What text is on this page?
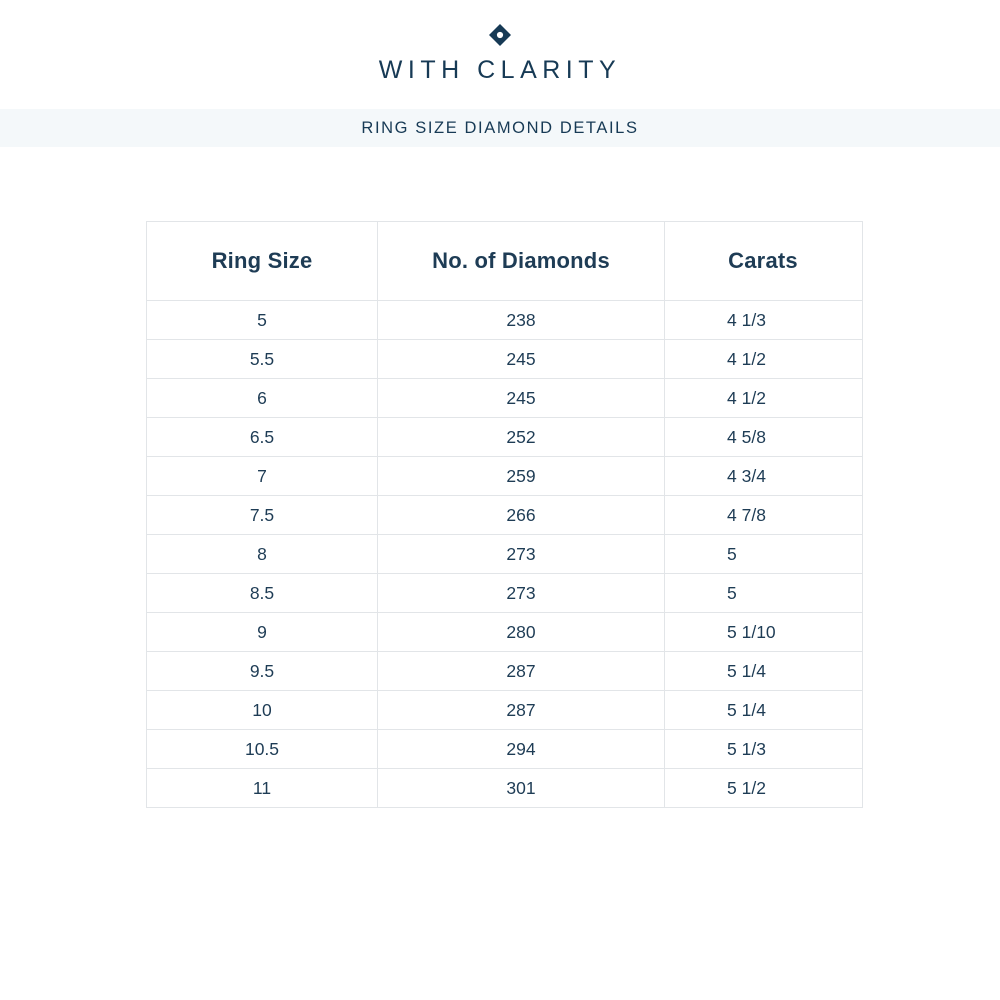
WITH CLARITY
RING SIZE DIAMOND DETAILS
Ring Size	No. of Diamonds	Carats
5	238	4 1/3
5.5	245	4 1/2
6	245	4 1/2
6.5	252	4 5/8
7	259	4 3/4
7.5	266	4 7/8
8	273	5
8.5	273	5
9	280	5 1/10
9.5	287	5 1/4
10	287	5 1/4
10.5	294	5 1/3
11	301	5 1/2
